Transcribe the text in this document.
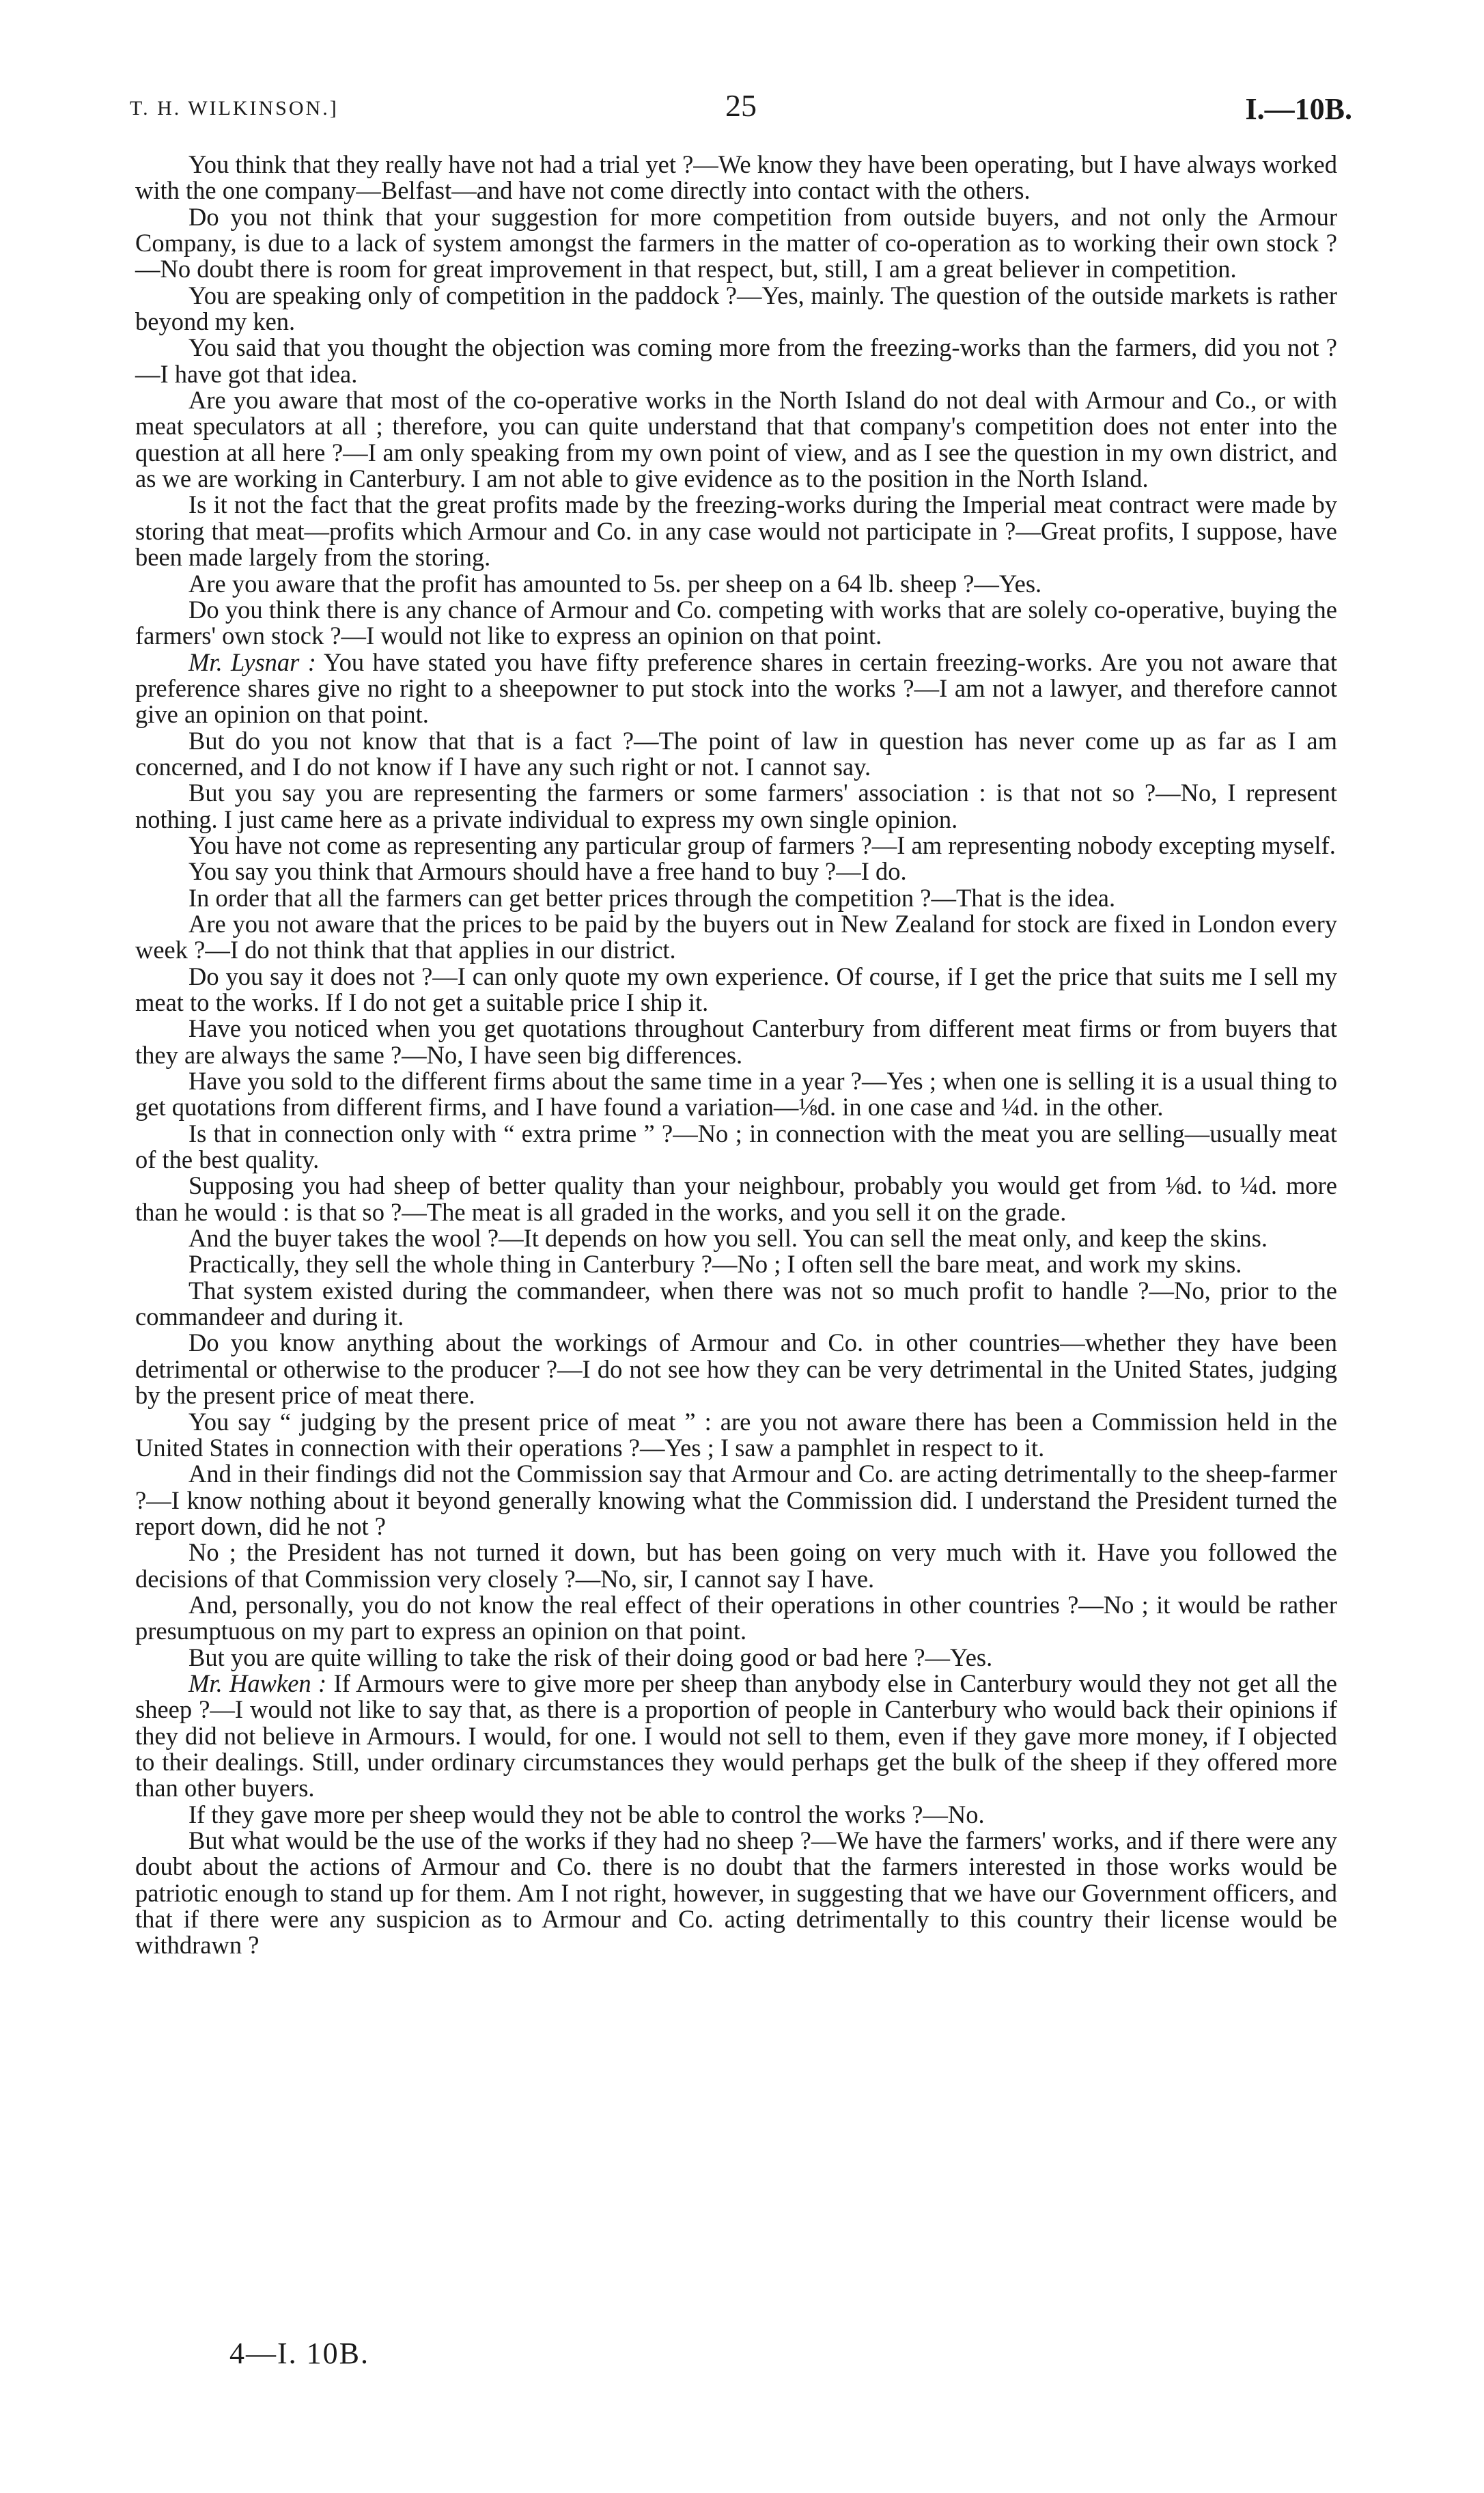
T. H. WILKINSON.]	25	I.—10B.

You think that they really have not had a trial yet ?—We know they have been operating, but I have always worked with the one company—Belfast—and have not come directly into contact with the others.

Do you not think that your suggestion for more competition from outside buyers, and not only the Armour Company, is due to a lack of system amongst the farmers in the matter of co-operation as to working their own stock ?—No doubt there is room for great improvement in that respect, but, still, I am a great believer in competition.

You are speaking only of competition in the paddock ?—Yes, mainly. The question of the outside markets is rather beyond my ken.

You said that you thought the objection was coming more from the freezing-works than the farmers, did you not ?—I have got that idea.

Are you aware that most of the co-operative works in the North Island do not deal with Armour and Co., or with meat speculators at all ; therefore, you can quite understand that that company's competition does not enter into the question at all here ?—I am only speaking from my own point of view, and as I see the question in my own district, and as we are working in Canterbury. I am not able to give evidence as to the position in the North Island.

Is it not the fact that the great profits made by the freezing-works during the Imperial meat contract were made by storing that meat—profits which Armour and Co. in any case would not participate in ?—Great profits, I suppose, have been made largely from the storing.

Are you aware that the profit has amounted to 5s. per sheep on a 64 lb. sheep ?—Yes.

Do you think there is any chance of Armour and Co. competing with works that are solely co-operative, buying the farmers' own stock ?—I would not like to express an opinion on that point.

Mr. Lysnar : You have stated you have fifty preference shares in certain freezing-works. Are you not aware that preference shares give no right to a sheepowner to put stock into the works ?—I am not a lawyer, and therefore cannot give an opinion on that point.

But do you not know that that is a fact ?—The point of law in question has never come up as far as I am concerned, and I do not know if I have any such right or not. I cannot say.

But you say you are representing the farmers or some farmers' association : is that not so ?—No, I represent nothing. I just came here as a private individual to express my own single opinion.

You have not come as representing any particular group of farmers ?—I am representing nobody excepting myself.

You say you think that Armours should have a free hand to buy ?—I do.

In order that all the farmers can get better prices through the competition ?—That is the idea.

Are you not aware that the prices to be paid by the buyers out in New Zealand for stock are fixed in London every week ?—I do not think that that applies in our district.

Do you say it does not ?—I can only quote my own experience. Of course, if I get the price that suits me I sell my meat to the works. If I do not get a suitable price I ship it.

Have you noticed when you get quotations throughout Canterbury from different meat firms or from buyers that they are always the same ?—No, I have seen big differences.

Have you sold to the different firms about the same time in a year ?—Yes ; when one is selling it is a usual thing to get quotations from different firms, and I have found a variation—⅛d. in one case and ¼d. in the other.

Is that in connection only with “ extra prime ” ?—No ; in connection with the meat you are selling—usually meat of the best quality.

Supposing you had sheep of better quality than your neighbour, probably you would get from ⅛d. to ¼d. more than he would : is that so ?—The meat is all graded in the works, and you sell it on the grade.

And the buyer takes the wool ?—It depends on how you sell. You can sell the meat only, and keep the skins.

Practically, they sell the whole thing in Canterbury ?—No ; I often sell the bare meat, and work my skins.

That system existed during the commandeer, when there was not so much profit to handle ?—No, prior to the commandeer and during it.

Do you know anything about the workings of Armour and Co. in other countries—whether they have been detrimental or otherwise to the producer ?—I do not see how they can be very detrimental in the United States, judging by the present price of meat there.

You say “ judging by the present price of meat ” : are you not aware there has been a Commission held in the United States in connection with their operations ?—Yes ; I saw a pamphlet in respect to it.

And in their findings did not the Commission say that Armour and Co. are acting detrimentally to the sheep-farmer ?—I know nothing about it beyond generally knowing what the Commission did. I understand the President turned the report down, did he not ?

No ; the President has not turned it down, but has been going on very much with it. Have you followed the decisions of that Commission very closely ?—No, sir, I cannot say I have.

And, personally, you do not know the real effect of their operations in other countries ?—No ; it would be rather presumptuous on my part to express an opinion on that point.

But you are quite willing to take the risk of their doing good or bad here ?—Yes.

Mr. Hawken : If Armours were to give more per sheep than anybody else in Canterbury would they not get all the sheep ?—I would not like to say that, as there is a proportion of people in Canterbury who would back their opinions if they did not believe in Armours. I would, for one. I would not sell to them, even if they gave more money, if I objected to their dealings. Still, under ordinary circumstances they would perhaps get the bulk of the sheep if they offered more than other buyers.

If they gave more per sheep would they not be able to control the works ?—No.

But what would be the use of the works if they had no sheep ?—We have the farmers' works, and if there were any doubt about the actions of Armour and Co. there is no doubt that the farmers interested in those works would be patriotic enough to stand up for them. Am I not right, however, in suggesting that we have our Government officers, and that if there were any suspicion as to Armour and Co. acting detrimentally to this country their license would be withdrawn ?

4—I. 10B.
